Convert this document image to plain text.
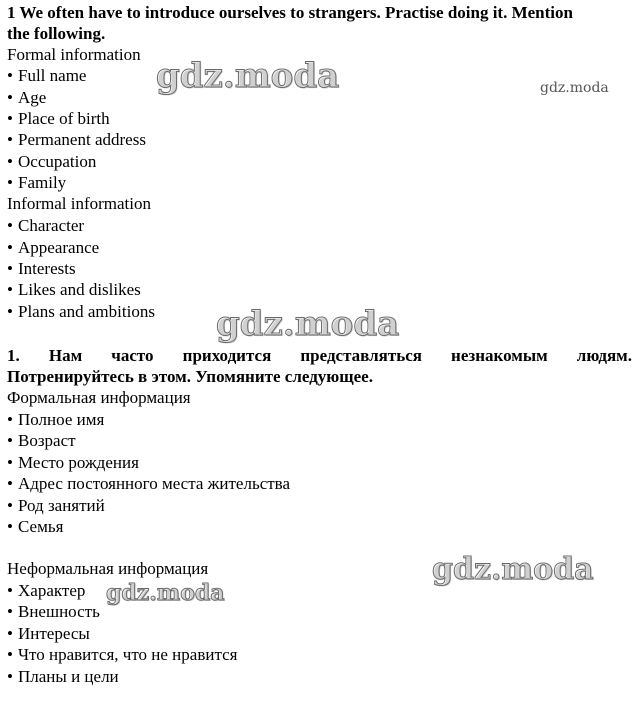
1 We often have to introduce ourselves to strangers. Practise doing it. Mention
the following.
Formal information
• Full name
• Age
• Place of birth
• Permanent address
• Occupation
• Family
Informal information
• Character
• Appearance
• Interests
• Likes and dislikes
• Plans and ambitions
1. Нам часто приходится представляться незнакомым людям.
Потренируйтесь в этом. Упомяните следующее.
Формальная информация
• Полное имя
• Возраст
• Место рождения
• Адрес постоянного места жительства
• Род занятий
• Семья
Неформальная информация
• Характер
• Внешность
• Интересы
• Что нравится, что не нравится
• Планы и цели
gdz.moda	gdz.moda
gdz.moda
gdz.moda
gdz.moda
